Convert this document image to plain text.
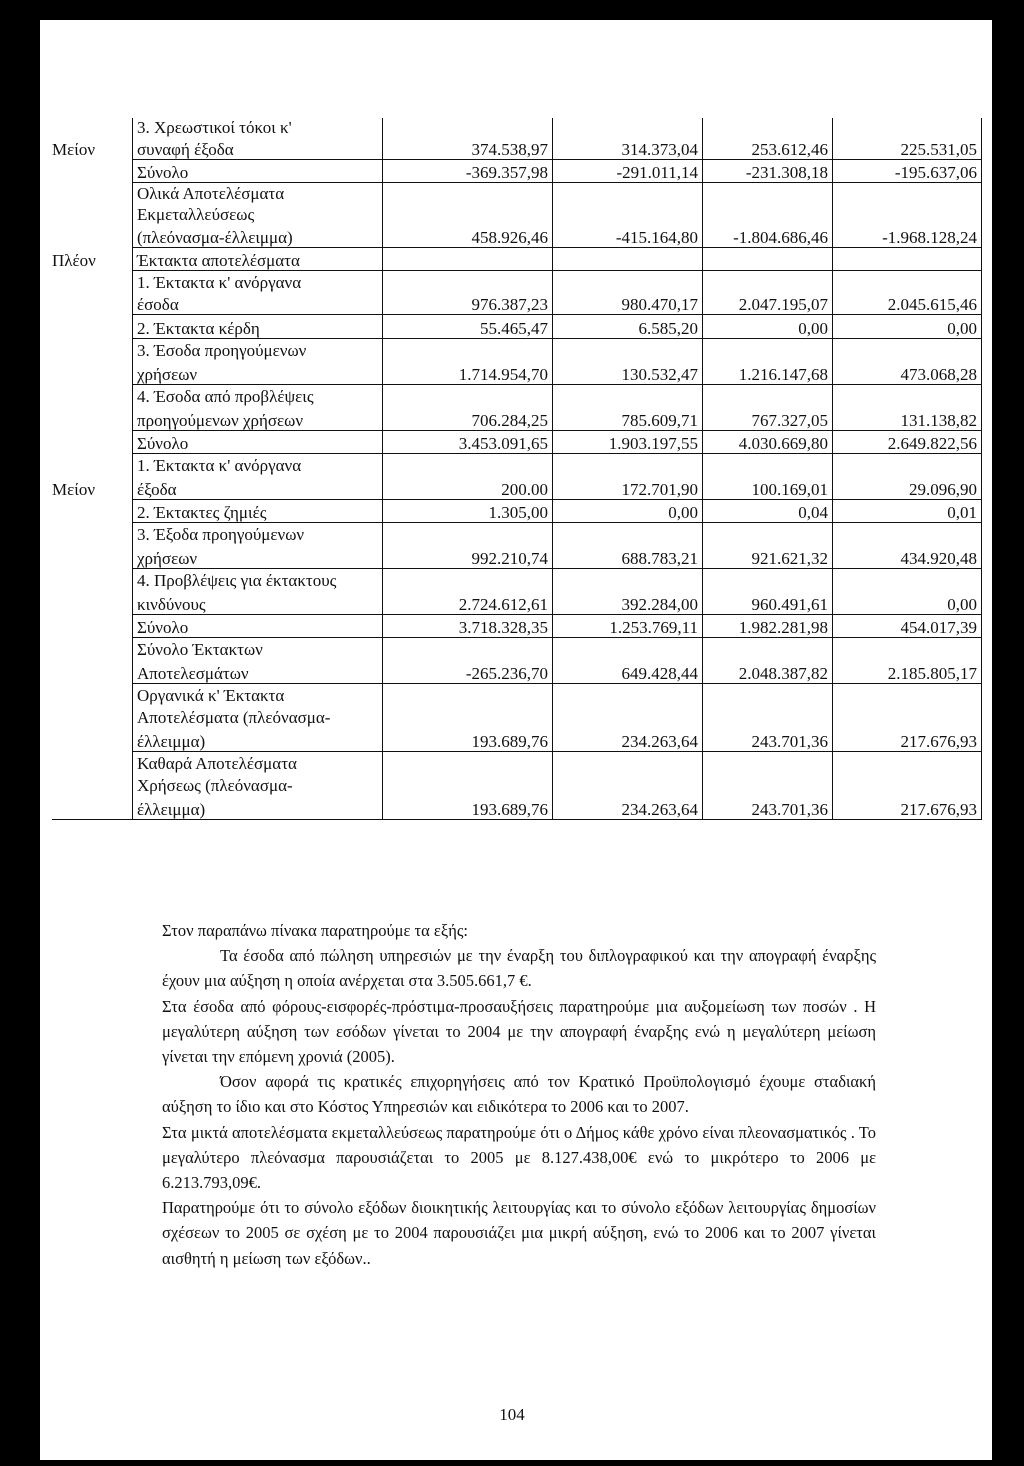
3. Χρεωστικοί τόκοι κ'
Μείον	συναφή έξοδα	374.538,97	314.373,04	253.612,46	225.531,05
Σύνολο	-369.357,98	-291.011,14	-231.308,18	-195.637,06
Ολικά Αποτελέσματα
Εκμεταλλεύσεως
(πλεόνασμα-έλλειμμα)	458.926,46	-415.164,80	-1.804.686,46	-1.968.128,24
Πλέον	Έκτακτα αποτελέσματα
1. Έκτακτα κ' ανόργανα
έσοδα	976.387,23	980.470,17	2.047.195,07	2.045.615,46
2. Έκτακτα κέρδη	55.465,47	6.585,20	0,00	0,00
3. Έσοδα προηγούμενων
χρήσεων	1.714.954,70	130.532,47	1.216.147,68	473.068,28
4. Έσοδα από προβλέψεις
προηγούμενων χρήσεων	706.284,25	785.609,71	767.327,05	131.138,82
Σύνολο	3.453.091,65	1.903.197,55	4.030.669,80	2.649.822,56
1. Έκτακτα κ' ανόργανα
Μείον	έξοδα	200.00	172.701,90	100.169,01	29.096,90
2. Έκτακτες ζημιές	1.305,00	0,00	0,04	0,01
3. Έξοδα προηγούμενων
χρήσεων	992.210,74	688.783,21	921.621,32	434.920,48
4. Προβλέψεις για έκτακτους
κινδύνους	2.724.612,61	392.284,00	960.491,61	0,00
Σύνολο	3.718.328,35	1.253.769,11	1.982.281,98	454.017,39
Σύνολο Έκτακτων
Αποτελεσμάτων	-265.236,70	649.428,44	2.048.387,82	2.185.805,17
Οργανικά κ' Έκτακτα
Αποτελέσματα (πλεόνασμα-
έλλειμμα)	193.689,76	234.263,64	243.701,36	217.676,93
Καθαρά Αποτελέσματα
Χρήσεως (πλεόνασμα-
έλλειμμα)	193.689,76	234.263,64	243.701,36	217.676,93

Στον παραπάνω πίνακα παρατηρούμε τα εξής:

Τα έσοδα από πώληση υπηρεσιών με την έναρξη του διπλογραφικού και την απογραφή έναρξης έχουν μια αύξηση η οποία ανέρχεται στα 3.505.661,7 €.

Στα έσοδα από φόρους-εισφορές-πρόστιμα-προσαυξήσεις παρατηρούμε μια αυξομείωση των ποσών . Η μεγαλύτερη αύξηση των εσόδων γίνεται το 2004 με την απογραφή έναρξης ενώ η μεγαλύτερη μείωση γίνεται την επόμενη χρονιά (2005).

Όσον αφορά τις κρατικές επιχορηγήσεις από τον Κρατικό Προϋπολογισμό έχουμε σταδιακή αύξηση το ίδιο και στο Κόστος Υπηρεσιών και ειδικότερα το 2006 και το 2007.

Στα μικτά αποτελέσματα εκμεταλλεύσεως παρατηρούμε ότι ο Δήμος κάθε χρόνο είναι πλεονασματικός . Το μεγαλύτερο πλεόνασμα παρουσιάζεται το 2005 με 8.127.438,00€ ενώ το μικρότερο το 2006 με 6.213.793,09€.

Παρατηρούμε ότι το σύνολο εξόδων διοικητικής λειτουργίας και το σύνολο εξόδων λειτουργίας δημοσίων σχέσεων το 2005 σε σχέση με το 2004 παρουσιάζει μια μικρή αύξηση, ενώ το 2006 και το 2007 γίνεται αισθητή η μείωση των εξόδων..

104
